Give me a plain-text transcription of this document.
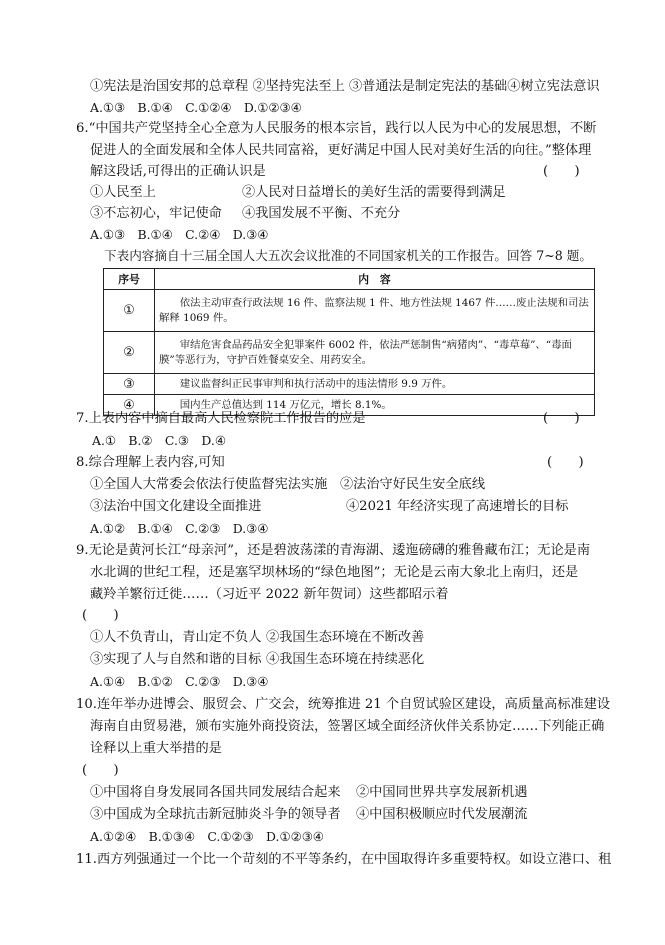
①宪法是治国安邦的总章程 ②坚持宪法至上 ③普通法是制定宪法的基础④树立宪法意识
A.①③　B.①④　C.①②④　D.①②③④
6.“中国共产党坚持全心全意为人民服务的根本宗旨，践行以人民为中心的发展思想，不断
促进人的全面发展和全体人民共同富裕，更好满足中国人民对美好生活的向往。”整体理
解这段话,可得出的正确认识是	(　　)
①人民至上	②人民对日益增长的美好生活的需要得到满足
③不忘初心，牢记使命 ④我国发展不平衡、不充分
A.①③　B.①④　C.②④　D.③④
下表内容摘自十三届全国人大五次会议批准的不同国家机关的工作报告。回答 7~8 题。
序号	内　容
①	依法主动审查行政法规 16 件、监察法规 1 件、地方性法规 1467 件……废止法规和司法解释 1069 件。
②	审结危害食品药品安全犯罪案件 6002 件，依法严惩制售“病猪肉”、“毒草莓”、“毒面膜”等恶行为，守护百姓餐桌安全、用药安全。
③	建议监督纠正民事审判和执行活动中的违法情形 9.9 万件。
④	国内生产总值达到 114 万亿元，增长 8.1%。
7.上表内容中摘自最高人民检察院工作报告的应是	(　　)
A.①　B.②　C.③　D.④
8.综合理解上表内容,可知	(　　)
①全国人大常委会依法行使监督宪法实施 ②法治守好民生安全底线
③法治中国文化建设全面推进	④2021 年经济实现了高速增长的目标
A.①②　B.①④　C.②③　D.③④
9.无论是黄河长江“母亲河”，还是碧波荡漾的青海湖、逶迤磅礴的雅鲁藏布江；无论是南
水北调的世纪工程，还是塞罕坝林场的“绿色地图”；无论是云南大象北上南归，还是
藏羚羊繁衍迁徙……（习近平 2022 新年贺词）这些都昭示着
(　　)
①人不负青山，青山定不负人 ②我国生态环境在不断改善
③实现了人与自然和谐的目标 ④我国生态环境在持续恶化
A.①④　B.①②　C.②③　D.③④
10.连年举办进博会、服贸会、广交会，统筹推进 21 个自贸试验区建设，高质量高标准建设
海南自由贸易港，颁布实施外商投资法，签署区域全面经济伙伴关系协定……下列能正确
诠释以上重大举措的是
(　　)
①中国将自身发展同各国共同发展结合起来 ②中国同世界共享发展新机遇
③中国成为全球抗击新冠肺炎斗争的领导者 ④中国积极顺应时代发展潮流
A.①②④　B.①③④　C.①②③　D.①②③④
11.西方列强通过一个比一个苛刻的不平等条约，在中国取得许多重要特权。如设立港口、租
